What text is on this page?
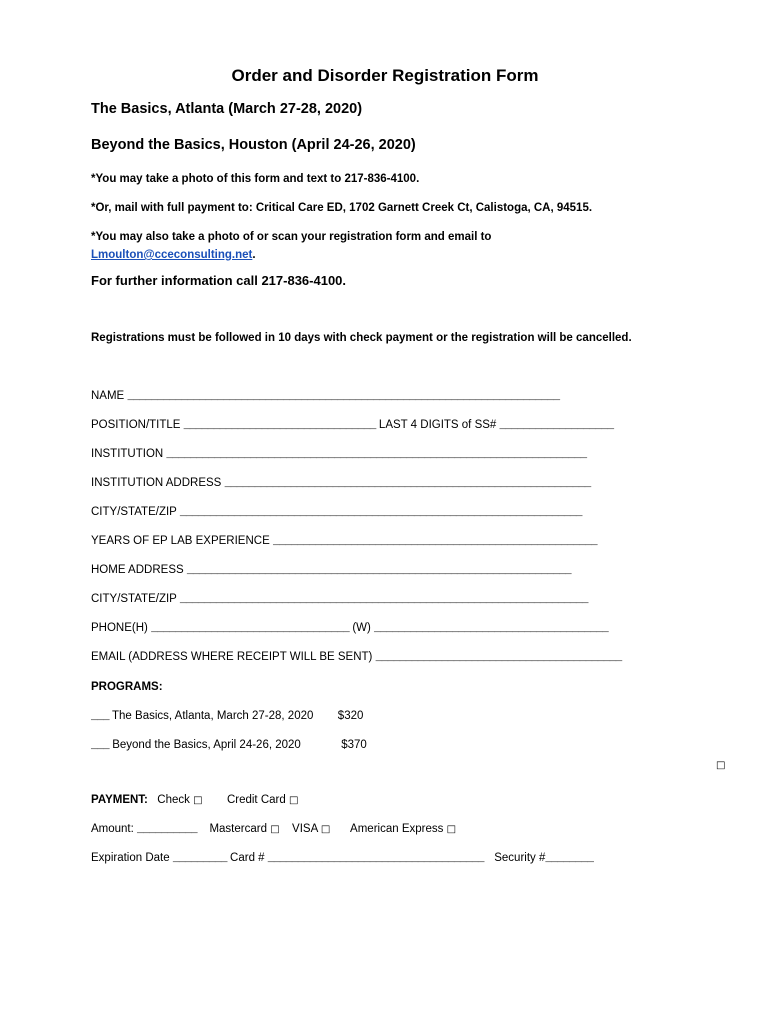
Order and Disorder Registration Form
The Basics, Atlanta (March 27-28, 2020)
Beyond the Basics, Houston (April 24-26, 2020)
*You may take a photo of this form and text to 217-836-4100.
*Or, mail with full payment to: Critical Care ED, 1702 Garnett Creek Ct, Calistoga, CA, 94515.
*You may also take a photo of or scan your registration form and email to
Lmoulton@cceconsulting.net.
For further information call 217-836-4100.
Registrations must be followed in 10 days with check payment or the registration will be cancelled.
NAME ________________________________________________________________________
POSITION/TITLE ________________________________ LAST 4 DIGITS of SS# ___________________
INSTITUTION ______________________________________________________________________
INSTITUTION ADDRESS _____________________________________________________________
CITY/STATE/ZIP ___________________________________________________________________
YEARS OF EP LAB EXPERIENCE ______________________________________________________
HOME ADDRESS ________________________________________________________________
CITY/STATE/ZIP ____________________________________________________________________
PHONE(H) _________________________________ (W) _______________________________________
EMAIL (ADDRESS WHERE RECEIPT WILL BE SENT) _________________________________________
PROGRAMS:
___ The Basics, Atlanta, March 27-28, 2020 $320
___ Beyond the Basics, April 24-26, 2020	$370
□
PAYMENT: Check □ Credit Card □
Amount: __________ Mastercard □ VISA □ American Express □
Expiration Date _________ Card # ____________________________________ Security #________
